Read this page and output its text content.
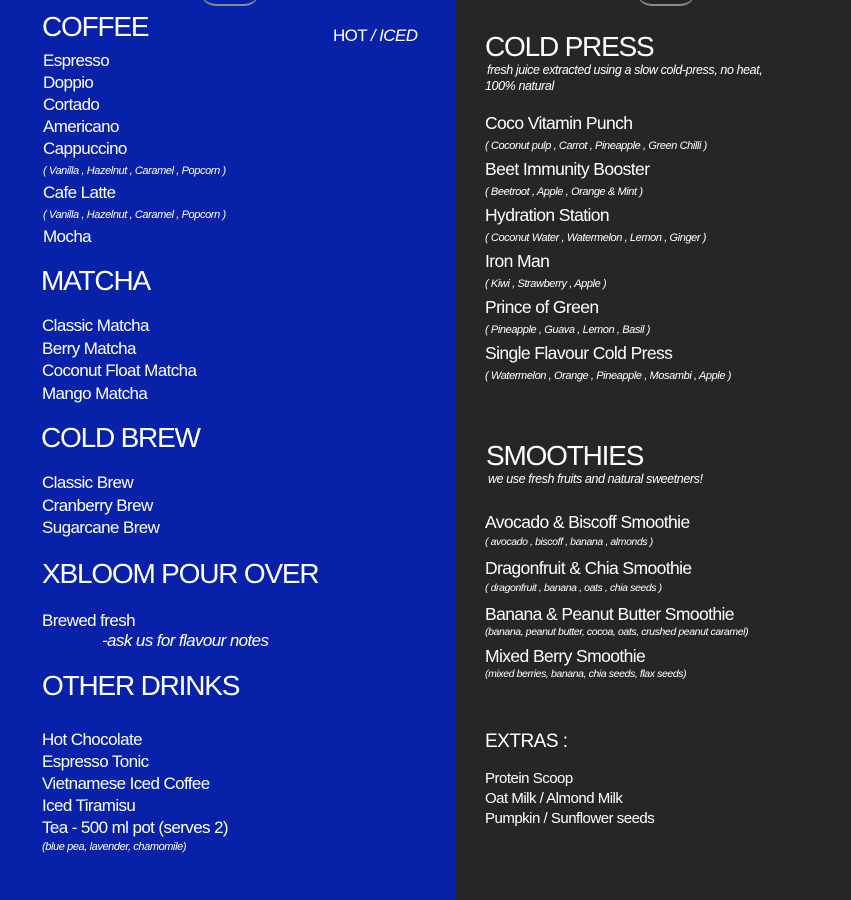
HOT / ICED
COFFEE

Espresso

Doppio

Cortado

Americano

Cappuccino

( Vanilla , Hazelnut , Caramel , Popcorn )

Cafe Latte

( Vanilla , Hazelnut , Caramel , Popcorn )

Mocha

MATCHA

Classic Matcha

Berry Matcha

Coconut Float Matcha

Mango Matcha

COLD BREW

Classic Brew

Cranberry Brew

Sugarcane Brew

XBLOOM POUR OVER

Brewed fresh

-ask us for flavour notes

OTHER DRINKS

Hot Chocolate

Espresso Tonic

Vietnamese Iced Coffee

Iced Tiramisu

Tea - 500 ml pot (serves 2)

(blue pea, lavender, chamomile)

COLD PRESS

fresh juice extracted using a slow cold-press, no heat,

100% natural

Coco Vitamin Punch

( Coconut pulp , Carrot , Pineapple , Green Chilli )

Beet Immunity Booster

( Beetroot , Apple , Orange & Mint )

Hydration Station

( Coconut Water , Watermelon , Lemon , Ginger )

Iron Man

( Kiwi , Strawberry , Apple )

Prince of Green

( Pineapple , Guava , Lemon , Basil )

Single Flavour Cold Press

( Watermelon , Orange , Pineapple , Mosambi , Apple )

SMOOTHIES

we use fresh fruits and natural sweetners!

Avocado & Biscoff Smoothie

( avocado , biscoff , banana , almonds )

Dragonfruit & Chia Smoothie

( dragonfruit , banana , oats , chia seeds )

Banana & Peanut Butter Smoothie

(banana, peanut butter, cocoa, oats, crushed peanut caramel)

Mixed Berry Smoothie

(mixed berries, banana, chia seeds, flax seeds)

EXTRAS :

Protein Scoop

Oat Milk / Almond Milk

Pumpkin / Sunflower seeds
